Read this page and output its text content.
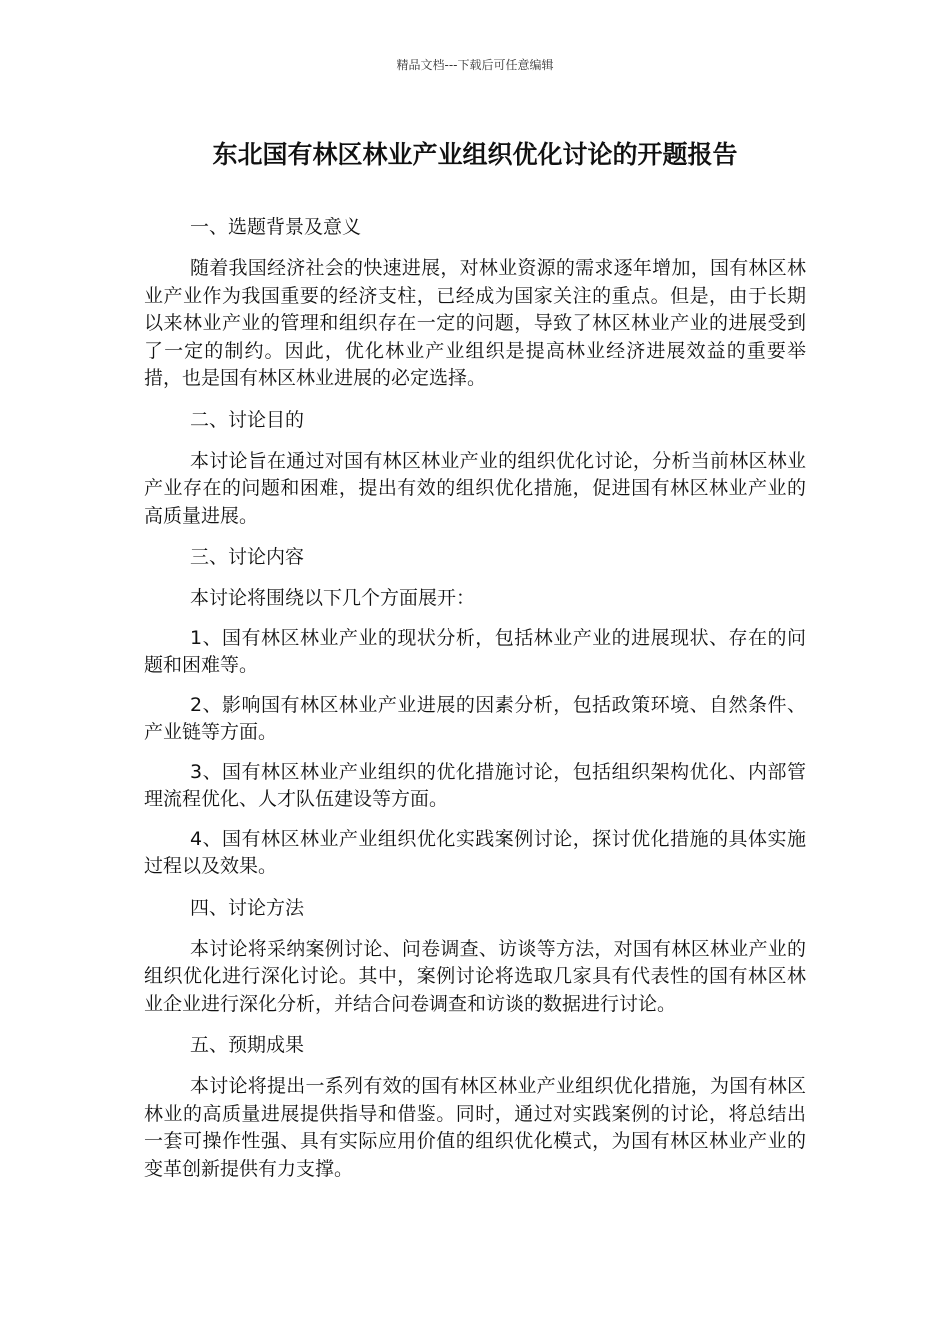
精品文档---下载后可任意编辑
东北国有林区林业产业组织优化讨论的开题报告

一、选题背景及意义

随着我国经济社会的快速进展，对林业资源的需求逐年增加，国有林区林业产业作为我国重要的经济支柱，已经成为国家关注的重点。但是，由于长期以来林业产业的管理和组织存在一定的问题，导致了林区林业产业的进展受到了一定的制约。因此，优化林业产业组织是提高林业经济进展效益的重要举措，也是国有林区林业进展的必定选择。

二、讨论目的

本讨论旨在通过对国有林区林业产业的组织优化讨论，分析当前林区林业产业存在的问题和困难，提出有效的组织优化措施，促进国有林区林业产业的高质量进展。

三、讨论内容

本讨论将围绕以下几个方面展开：

1、国有林区林业产业的现状分析，包括林业产业的进展现状、存在的问题和困难等。

2、影响国有林区林业产业进展的因素分析，包括政策环境、自然条件、产业链等方面。

3、国有林区林业产业组织的优化措施讨论，包括组织架构优化、内部管理流程优化、人才队伍建设等方面。

4、国有林区林业产业组织优化实践案例讨论，探讨优化措施的具体实施过程以及效果。

四、讨论方法

本讨论将采纳案例讨论、问卷调查、访谈等方法，对国有林区林业产业的组织优化进行深化讨论。其中，案例讨论将选取几家具有代表性的国有林区林业企业进行深化分析，并结合问卷调查和访谈的数据进行讨论。

五、预期成果

本讨论将提出一系列有效的国有林区林业产业组织优化措施，为国有林区林业的高质量进展提供指导和借鉴。同时，通过对实践案例的讨论，将总结出一套可操作性强、具有实际应用价值的组织优化模式，为国有林区林业产业的变革创新提供有力支撑。
